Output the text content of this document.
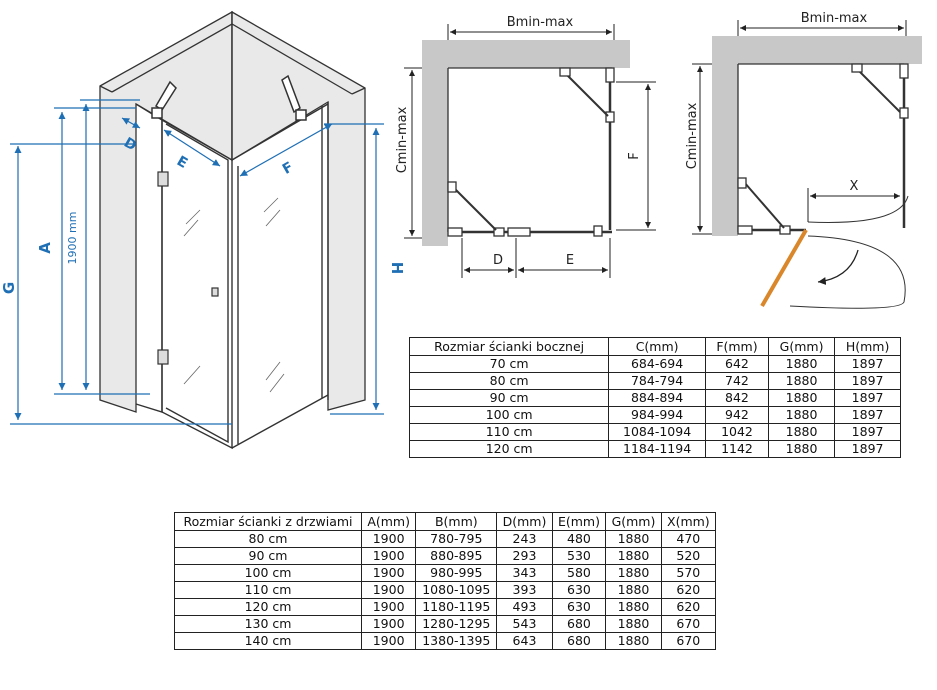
G
A 1900 mm
H
D
E	F
Bmin-max
Cmin-max	F
D	E
Bmin-max
Cmin-max
X
Rozmiar ścianki bocznej	C(mm)	F(mm)	G(mm)	H(mm)
70 cm	684-694	642	1880	1897
80 cm	784-794	742	1880	1897
90 cm	884-894	842	1880	1897
100 cm	984-994	942	1880	1897
110 cm	1084-1094	1042	1880	1897
120 cm	1184-1194	1142	1880	1897
Rozmiar ścianki z drzwiami	A(mm)	B(mm)	D(mm)	E(mm)	G(mm)	X(mm)
80 cm	1900	780-795	243	480	1880	470
90 cm	1900	880-895	293	530	1880	520
100 cm	1900	980-995	343	580	1880	570
110 cm	1900	1080-1095	393	630	1880	620
120 cm	1900	1180-1195	493	630	1880	620
130 cm	1900	1280-1295	543	680	1880	670
140 cm	1900	1380-1395	643	680	1880	670
